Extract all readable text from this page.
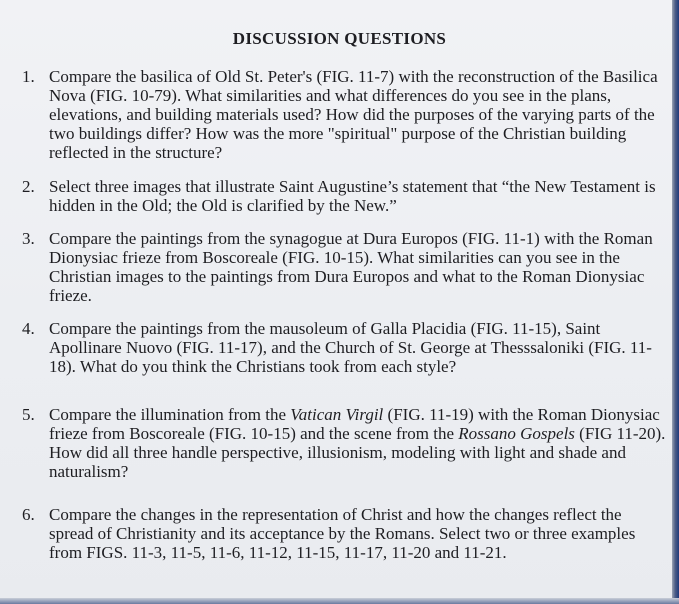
DISCUSSION QUESTIONS
1. Compare the basilica of Old St. Peter's (FIG. 11-7) with the reconstruction of the Basilica Nova (FIG. 10-79). What similarities and what differences do you see in the plans, elevations, and building materials used? How did the purposes of the varying parts of the two buildings differ? How was the more "spiritual" purpose of the Christian building reflected in the structure?
2. Select three images that illustrate Saint Augustine’s statement that “the New Testament is hidden in the Old; the Old is clarified by the New.”
3. Compare the paintings from the synagogue at Dura Europos (FIG. 11-1) with the Roman Dionysiac frieze from Boscoreale (FIG. 10-15). What similarities can you see in the Christian images to the paintings from Dura Europos and what to the Roman Dionysiac frieze.
4. Compare the paintings from the mausoleum of Galla Placidia (FIG. 11-15), Saint Apollinare Nuovo (FIG. 11-17), and the Church of St. George at Thesssaloniki (FIG. 11-18). What do you think the Christians took from each style?
5. Compare the illumination from the Vatican Virgil (FIG. 11-19) with the Roman Dionysiac frieze from Boscoreale (FIG. 10-15) and the scene from the Rossano Gospels (FIG 11-20). How did all three handle perspective, illusionism, modeling with light and shade and naturalism?
6. Compare the changes in the representation of Christ and how the changes reflect the spread of Christianity and its acceptance by the Romans. Select two or three examples from FIGS. 11-3, 11-5, 11-6, 11-12, 11-15, 11-17, 11-20 and 11-21.
